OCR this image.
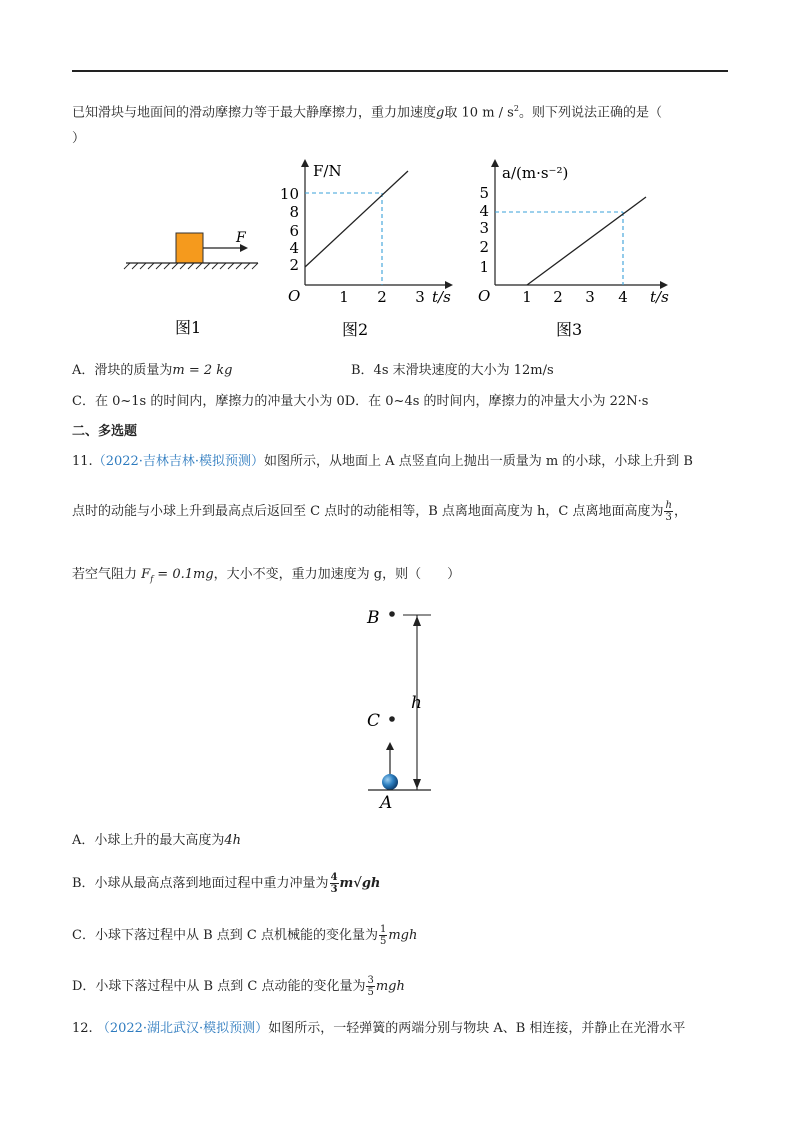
已知滑块与地面间的滑动摩擦力等于最大静摩擦力，重力加速度g取 10 m / $s^2$。则下列说法正确的是（
）
F
图1
F/N
t/s
O
2
4
6
8
10
1 2 3
图2
a/(m·s⁻²)
t/s
O
1
2
3
4
5
1 2 3 4
图3
A．滑块的质量为m = 2 kg	B．4s 末滑块速度的大小为 12m/s
C．在 0~1s 的时间内，摩擦力的冲量大小为 0D．在 0~4s 的时间内，摩擦力的冲量大小为 22N·s
二、多选题
11.（2022·吉林吉林·模拟预测）如图所示，从地面上 A 点竖直向上抛出一质量为 m 的小球，小球上升到 B
点时的动能与小球上升到最高点后返回至 C 点时的动能相等，B 点离地面高度为 h，C 点离地面高度为 $\frac{h}{3}$ ，
若空气阻力 $F_f = 0.1mg$，大小不变，重力加速度为 g，则（　　）
B
C
h
A
A．小球上升的最大高度为4h
B．小球从最高点落到地面过程中重力冲量为 $\frac{4}{3} m√gh$
C．小球下落过程中从 B 点到 C 点机械能的变化量为 $\frac{1}{5}$ mgh
D．小球下落过程中从 B 点到 C 点动能的变化量为 $\frac{3}{5}$ mgh
12. （2022·湖北武汉·模拟预测）如图所示，一轻弹簧的两端分别与物块 A、B 相连接，并静止在光滑水平
